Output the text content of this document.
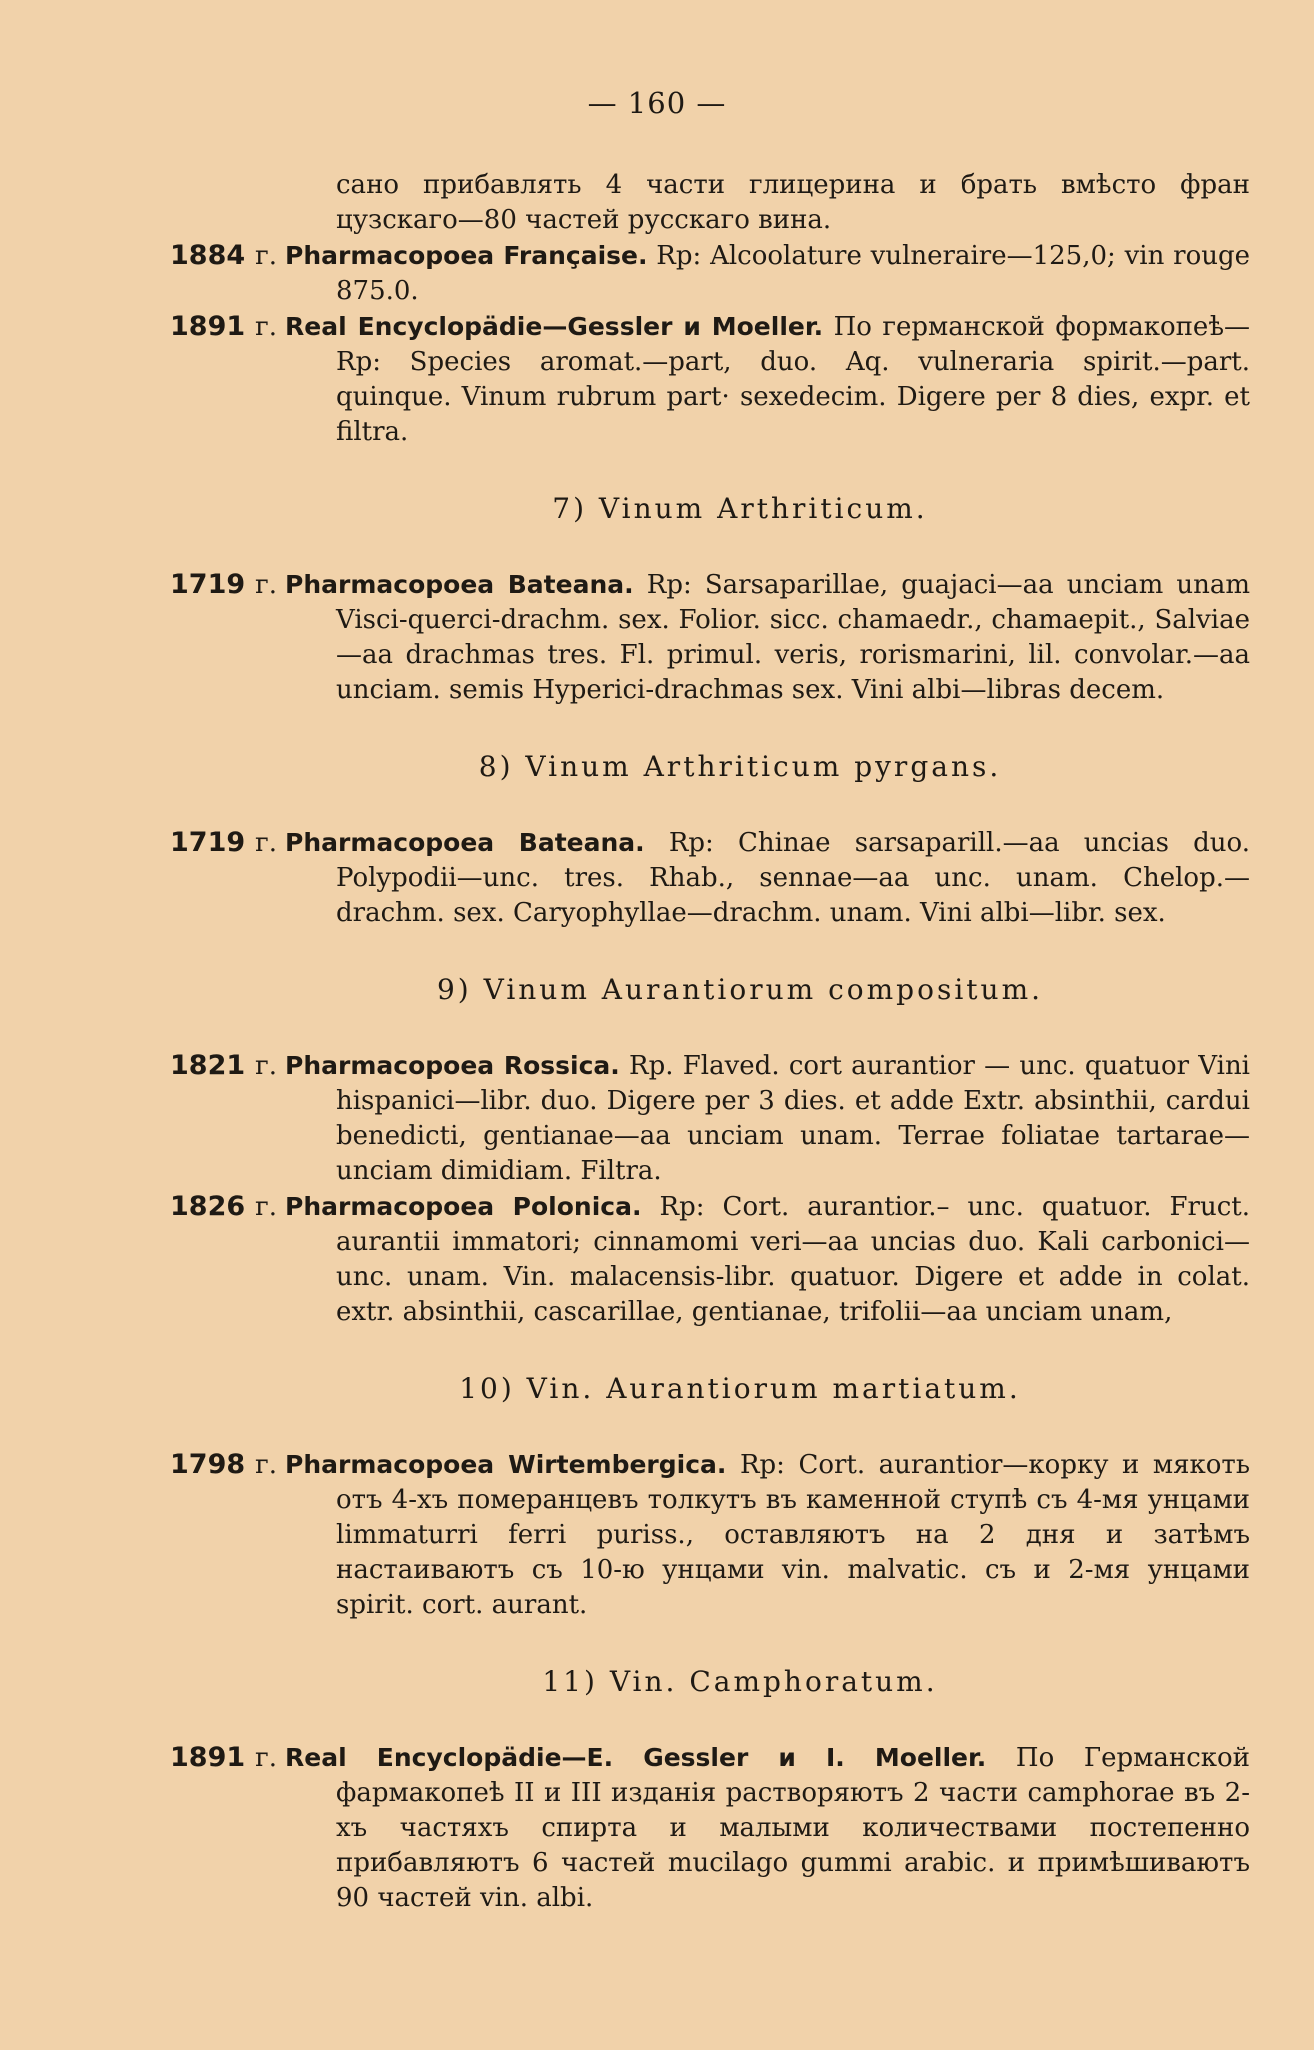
— 160 —
сано прибавлять 4 части глицерина и брать вмѣсто фран цузскаго—80 частей русскаго вина.
1884 г. Pharmacopoea Française. Rp: Alcoolature vulneraire—125,0; vin rouge 875.0.
1891 г. Real Encyclopädie—Gessler и Moeller. По германской формакопеѣ—Rp: Species aromat.—part, duo. Aq. vulneraria spirit.—part. quinque. Vinum rubrum part· sexedecim. Digere per 8 dies, expr. et filtra.
7) Vinum Arthriticum.
1719 г. Pharmacopoea Bateana. Rp: Sarsaparillae, guajaci—aa unciam unam Visci-querci-drachm. sex. Folior. sicc. chamaedr., chamaepit., Salviae—aa drachmas tres. Fl. primul. veris, rorismarini, lil. convolar.—aa unciam. semis Hyperici-drachmas sex. Vini albi—libras decem.
8) Vinum Arthriticum pyrgans.
1719 г. Pharmacopoea Bateana. Rp: Chinae sarsaparill.—aa uncias duo. Polypodii—unc. tres. Rhab., sennae—aa unc. unam. Chelop.—drachm. sex. Caryophyllae—drachm. unam. Vini albi—libr. sex.
9) Vinum Aurantiorum compositum.
1821 г. Pharmacopoea Rossica. Rp. Flaved. cort aurantior — unc. quatuor Vini hispanici—libr. duo. Digere per 3 dies. et adde Extr. absinthii, cardui benedicti, gentianae—aa unciam unam. Terrae foliatae tartarae—unciam dimidiam. Filtra.
1826 г. Pharmacopoea Polonica. Rp: Cort. aurantior.– unc. quatuor. Fruct. aurantii immatori; cinnamomi veri—aa uncias duo. Kali carbonici—unc. unam. Vin. malacensis-libr. quatuor. Digere et adde in colat. extr. absinthii, cascarillae, gentianae, trifolii—aa unciam unam,
10) Vin. Aurantiorum martiatum.
1798 г. Pharmacopoea Wirtembergica. Rp: Cort. aurantior—корку и мякоть отъ 4-хъ померанцевъ толкутъ въ каменной ступѣ съ 4-мя унцами limmaturri ferri puriss., оставляютъ на 2 дня и затѣмъ настаиваютъ съ 10-ю унцами vin. malvatic. съ и 2-мя унцами spirit. cort. aurant.
11) Vin. Camphoratum.
1891 г. Real Encyclopädie—E. Gessler и I. Moeller. По Германской фармакопеѣ II и III изданія растворяютъ 2 части camphorae въ 2-хъ частяхъ спирта и малыми количествами постепенно прибавляютъ 6 частей mucilago gummi arabic. и примѣшиваютъ 90 частей vin. albi.
